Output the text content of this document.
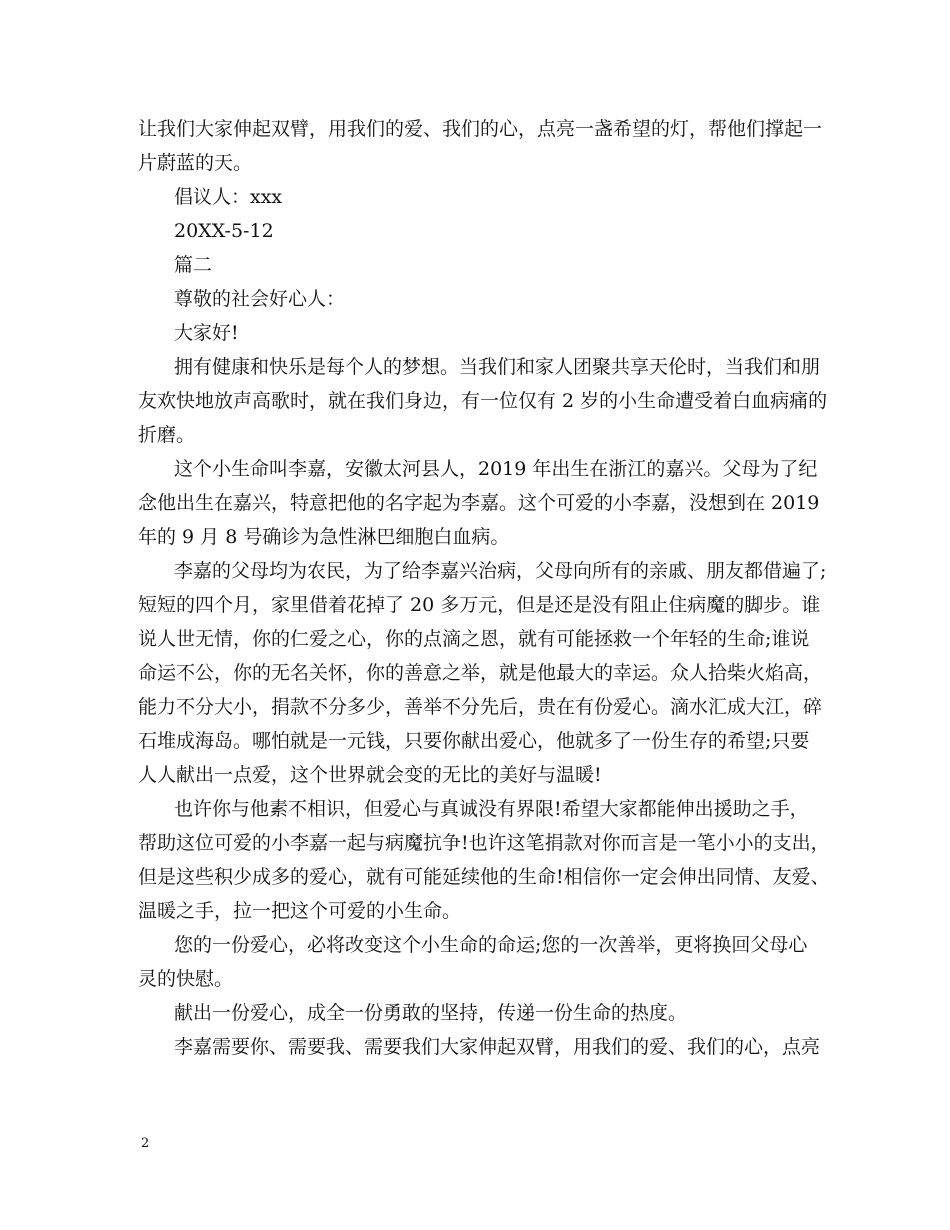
让我们大家伸起双臂，用我们的爱、我们的心，点亮一盏希望的灯，帮他们撑起一

片蔚蓝的天。

倡议人：xxx

20XX-5-12

篇二

尊敬的社会好心人：

大家好!

拥有健康和快乐是每个人的梦想。当我们和家人团聚共享天伦时，当我们和朋

友欢快地放声高歌时，就在我们身边，有一位仅有 2 岁的小生命遭受着白血病痛的

折磨。

这个小生命叫李嘉，安徽太河县人，2019 年出生在浙江的嘉兴。父母为了纪

念他出生在嘉兴，特意把他的名字起为李嘉。这个可爱的小李嘉，没想到在 2019

年的 9 月 8 号确诊为急性淋巴细胞白血病。

李嘉的父母均为农民，为了给李嘉兴治病，父母向所有的亲戚、朋友都借遍了;

短短的四个月，家里借着花掉了 20 多万元，但是还是没有阻止住病魔的脚步。谁

说人世无情，你的仁爱之心，你的点滴之恩，就有可能拯救一个年轻的生命;谁说

命运不公，你的无名关怀，你的善意之举，就是他最大的幸运。众人拾柴火焰高，

能力不分大小，捐款不分多少，善举不分先后，贵在有份爱心。滴水汇成大江，碎

石堆成海岛。哪怕就是一元钱，只要你献出爱心，他就多了一份生存的希望;只要

人人献出一点爱，这个世界就会变的无比的美好与温暖!

也许你与他素不相识，但爱心与真诚没有界限!希望大家都能伸出援助之手，

帮助这位可爱的小李嘉一起与病魔抗争!也许这笔捐款对你而言是一笔小小的支出，

但是这些积少成多的爱心，就有可能延续他的生命!相信你一定会伸出同情、友爱、

温暖之手，拉一把这个可爱的小生命。

您的一份爱心，必将改变这个小生命的命运;您的一次善举，更将换回父母心

灵的快慰。

献出一份爱心，成全一份勇敢的坚持，传递一份生命的热度。

李嘉需要你、需要我、需要我们大家伸起双臂，用我们的爱、我们的心，点亮

2
